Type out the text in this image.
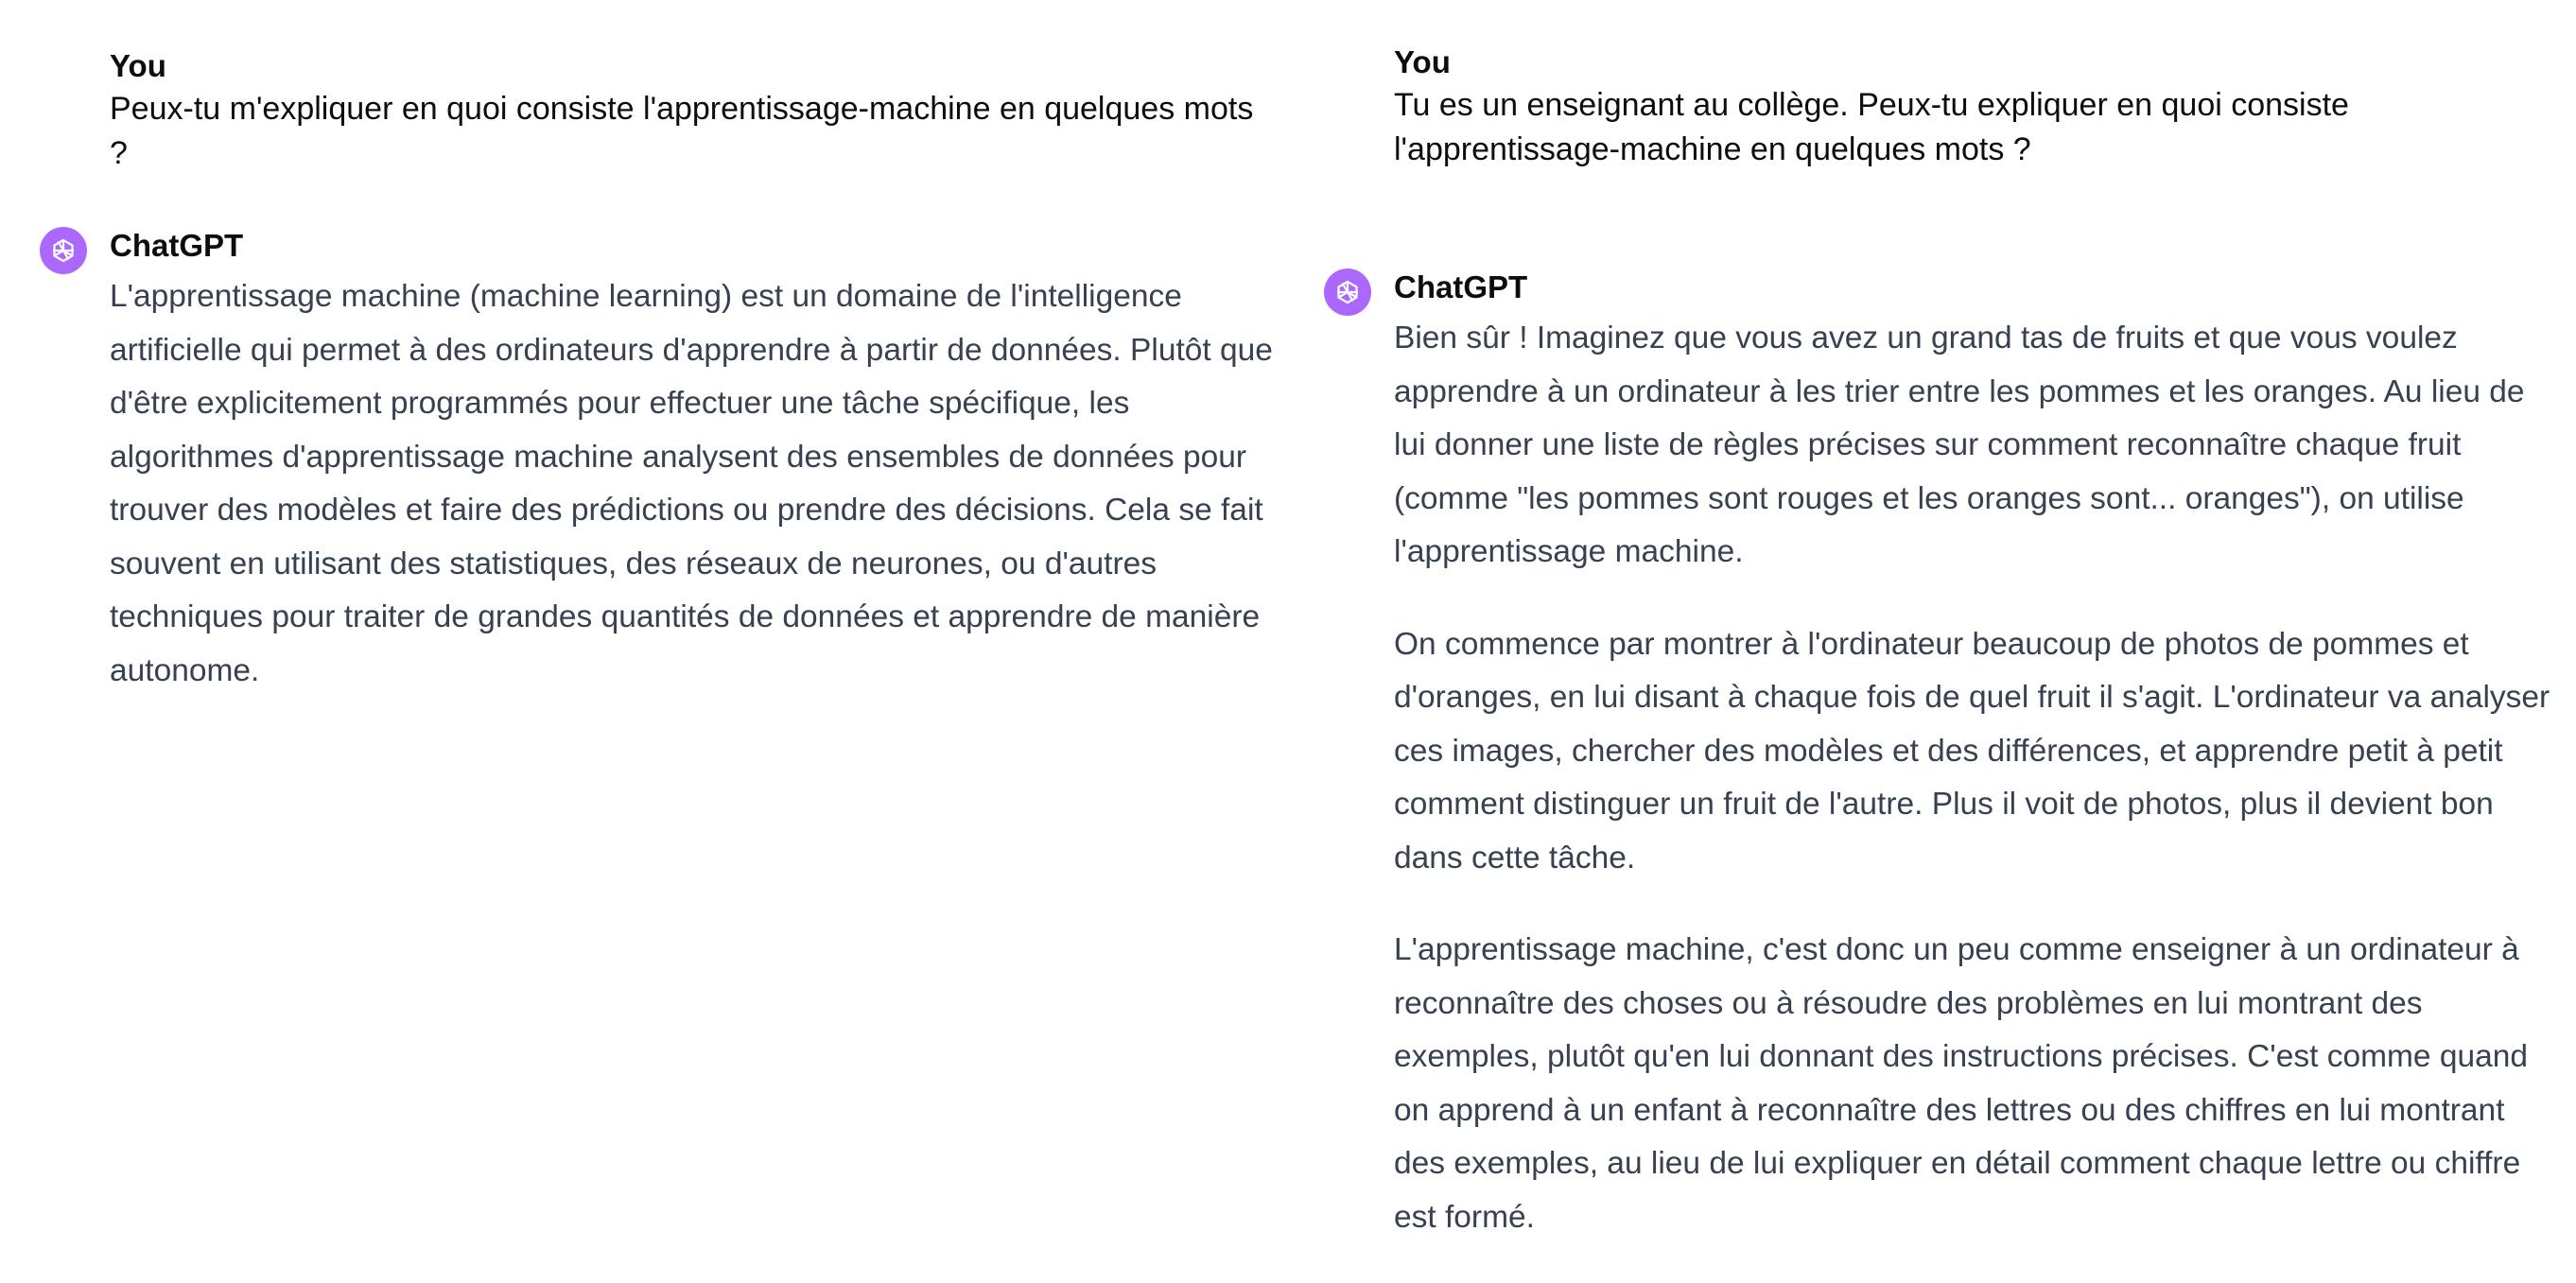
You
Peux-tu m'expliquer en quoi consiste l'apprentissage-machine en quelques mots ?
ChatGPT

L'apprentissage machine (machine learning) est un domaine de l'intelligence artificielle qui permet à des ordinateurs d'apprendre à partir de données. Plutôt que d'être explicitement programmés pour effectuer une tâche spécifique, les algorithmes d'apprentissage machine analysent des ensembles de données pour trouver des modèles et faire des prédictions ou prendre des décisions. Cela se fait souvent en utilisant des statistiques, des réseaux de neurones, ou d'autres techniques pour traiter de grandes quantités de données et apprendre de manière autonome.

You
Tu es un enseignant au collège. Peux-tu expliquer en quoi consiste l'apprentissage-machine en quelques mots ?
ChatGPT

Bien sûr ! Imaginez que vous avez un grand tas de fruits et que vous voulez apprendre à un ordinateur à les trier entre les pommes et les oranges. Au lieu de lui donner une liste de règles précises sur comment reconnaître chaque fruit (comme "les pommes sont rouges et les oranges sont... oranges"), on utilise l'apprentissage machine.

On commence par montrer à l'ordinateur beaucoup de photos de pommes et d'oranges, en lui disant à chaque fois de quel fruit il s'agit. L'ordinateur va analyser ces images, chercher des modèles et des différences, et apprendre petit à petit comment distinguer un fruit de l'autre. Plus il voit de photos, plus il devient bon dans cette tâche.

L'apprentissage machine, c'est donc un peu comme enseigner à un ordinateur à reconnaître des choses ou à résoudre des problèmes en lui montrant des exemples, plutôt qu'en lui donnant des instructions précises. C'est comme quand on apprend à un enfant à reconnaître des lettres ou des chiffres en lui montrant des exemples, au lieu de lui expliquer en détail comment chaque lettre ou chiffre est formé.
